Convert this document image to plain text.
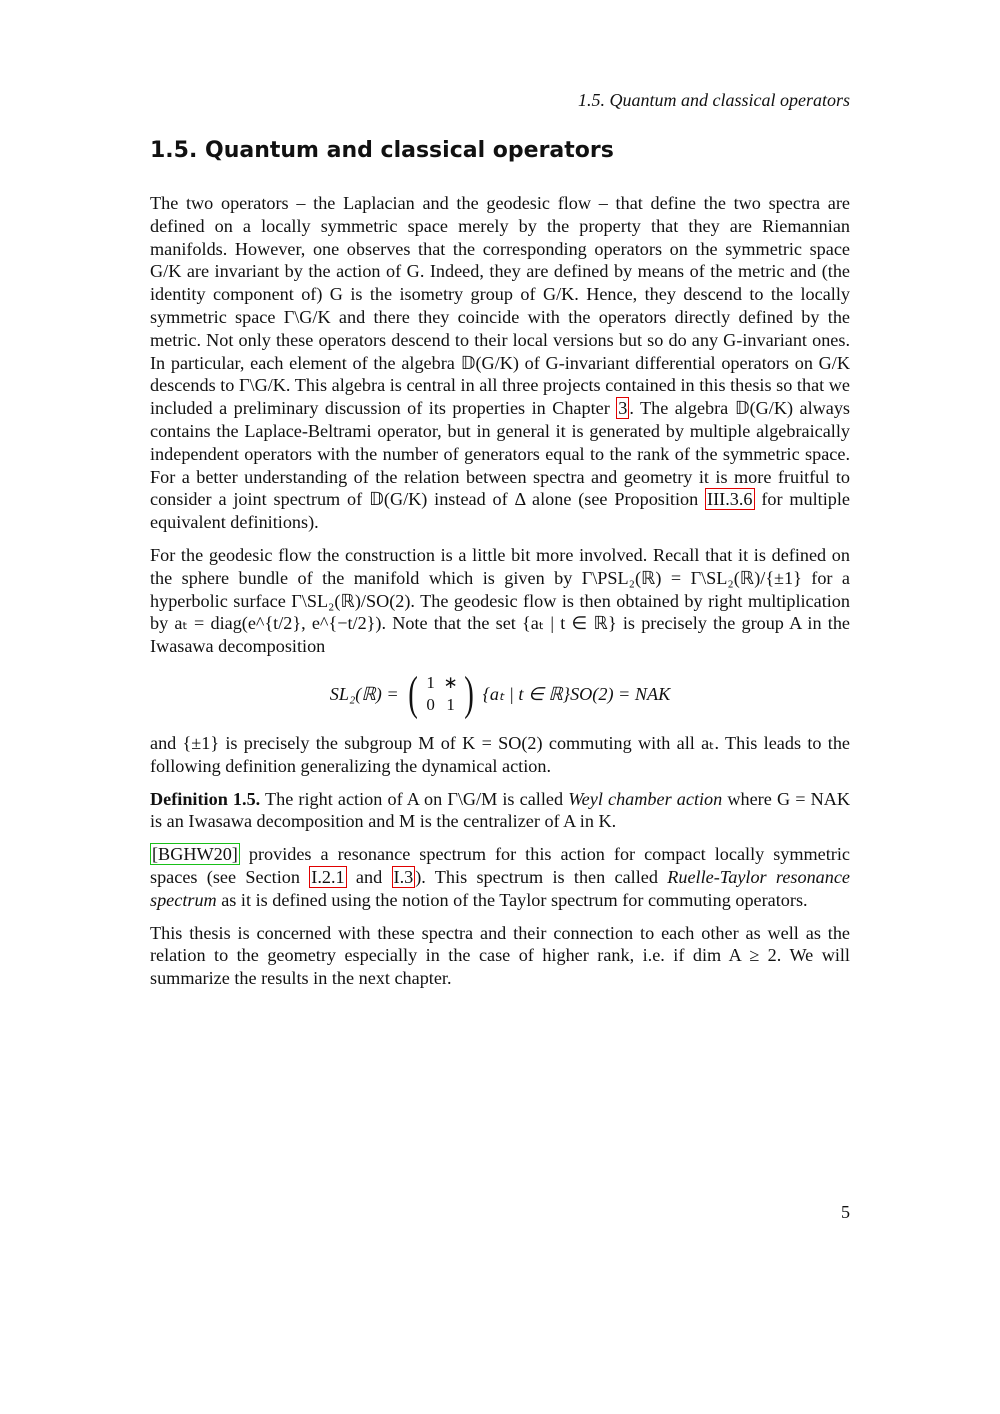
1.5. Quantum and classical operators
1.5. Quantum and classical operators

The two operators – the Laplacian and the geodesic flow – that define the two spectra are defined on a locally symmetric space merely by the property that they are Riemannian manifolds. However, one observes that the corresponding operators on the symmetric space G/K are invariant by the action of G. Indeed, they are defined by means of the metric and (the identity component of) G is the isometry group of G/K. Hence, they descend to the locally symmetric space Γ\G/K and there they coincide with the operators directly defined by the metric. Not only these operators descend to their local versions but so do any G-invariant ones. In particular, each element of the algebra 𝔻(G/K) of G-invariant differential operators on G/K descends to Γ\G/K. This algebra is central in all three projects contained in this thesis so that we included a preliminary discussion of its properties in Chapter 3 . The algebra 𝔻(G/K) always contains the Laplace-Beltrami operator, but in general it is generated by multiple algebraically independent operators with the number of generators equal to the rank of the symmetric space. For a better understanding of the relation between spectra and geometry it is more fruitful to consider a joint spectrum of 𝔻(G/K) instead of Δ alone (see Proposition III.3.6 for multiple equivalent definitions).

For the geodesic flow the construction is a little bit more involved. Recall that it is defined on the sphere bundle of the manifold which is given by Γ\PSL₂(ℝ) = Γ\SL₂(ℝ)/{±1} for a hyperbolic surface Γ\SL₂(ℝ)/SO(2). The geodesic flow is then obtained by right multiplication by aₜ = diag(e^{t/2}, e^{−t/2}). Note that the set {aₜ | t ∈ ℝ} is precisely the group A in the Iwasawa decomposition

SL₂(ℝ) = ( 1 ∗
0 1 ) {aₜ | t ∈ ℝ}SO(2) = NAK

and {±1} is precisely the subgroup M of K = SO(2) commuting with all aₜ. This leads to the following definition generalizing the dynamical action.

Definition 1.5. The right action of A on Γ\G/M is called Weyl chamber action where G = NAK is an Iwasawa decomposition and M is the centralizer of A in K.

[BGHW20] provides a resonance spectrum for this action for compact locally symmetric spaces (see Section I.2.1 and I.3 ). This spectrum is then called Ruelle-Taylor resonance spectrum as it is defined using the notion of the Taylor spectrum for commuting operators.

This thesis is concerned with these spectra and their connection to each other as well as the relation to the geometry especially in the case of higher rank, i.e. if dim A ≥ 2. We will summarize the results in the next chapter.

5
